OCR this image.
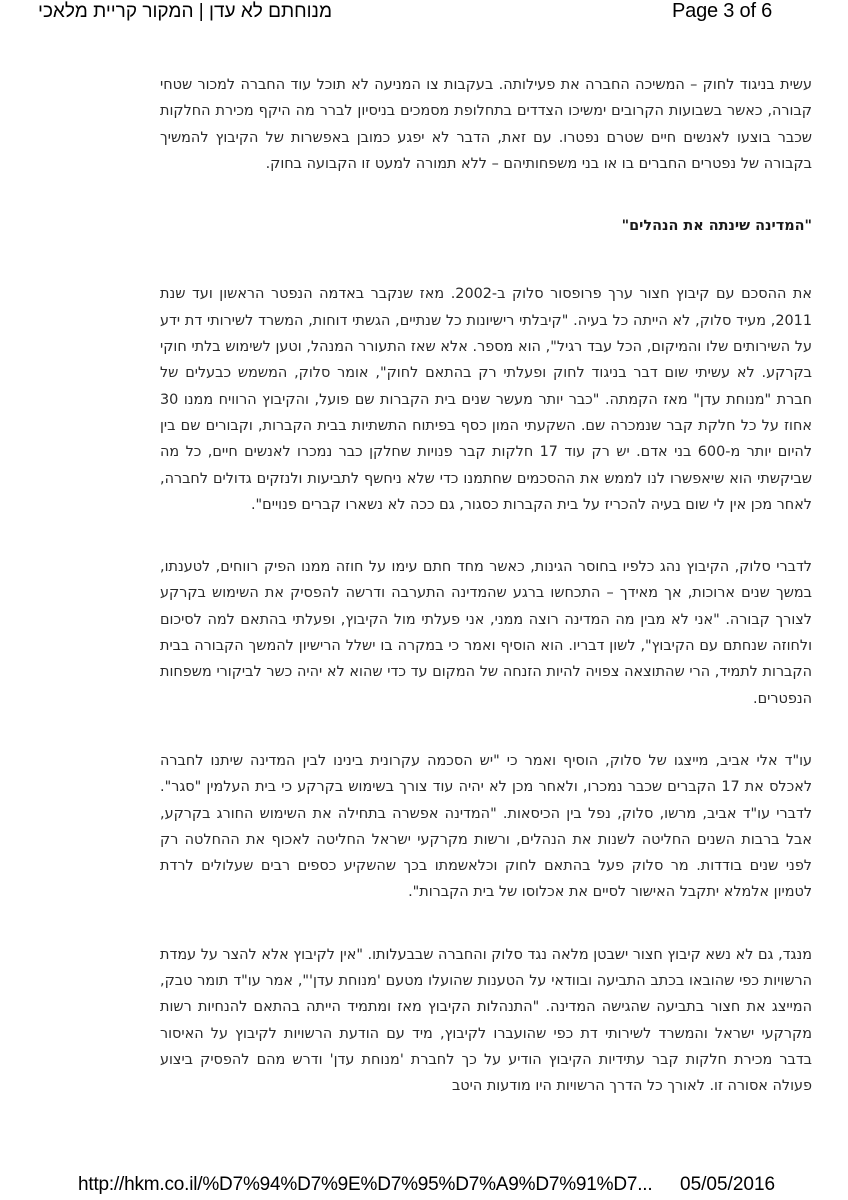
Page 3 of 6
מנוחתם לא עדן | המקור קריית מלאכי

עשית בניגוד לחוק – המשיכה החברה את פעילותה. בעקבות צו המניעה לא תוכל עוד החברה למכור שטחי קבורה, כאשר בשבועות הקרובים ימשיכו הצדדים בתחלופת מסמכים בניסיון לברר מה היקף מכירת החלקות שכבר בוצעו לאנשים חיים שטרם נפטרו. עם זאת, הדבר לא יפגע כמובן באפשרות של הקיבוץ להמשיך בקבורה של נפטרים החברים בו או בני משפחותיהם – ללא תמורה למעט זו הקבועה בחוק.

"המדינה שינתה את הנהלים"

את ההסכם עם קיבוץ חצור ערך פרופסור סלוק ב-2002. מאז שנקבר באדמה הנפטר הראשון ועד שנת 2011, מעיד סלוק, לא הייתה כל בעיה. "קיבלתי רישיונות כל שנתיים, הגשתי דוחות, המשרד לשירותי דת ידע על השירותים שלו והמיקום, הכל עבד רגיל", הוא מספר. אלא שאז התעורר המנהל, וטען לשימוש בלתי חוקי בקרקע. לא עשיתי שום דבר בניגוד לחוק ופעלתי רק בהתאם לחוק", אומר סלוק, המשמש כבעלים של חברת "מנוחת עדן" מאז הקמתה. "כבר יותר מעשר שנים בית הקברות שם פועל, והקיבוץ הרוויח ממנו 30 אחוז על כל חלקת קבר שנמכרה שם. השקעתי המון כסף בפיתוח התשתיות בבית הקברות, וקבורים שם בין להיום יותר מ-600 בני אדם. יש רק עוד 17 חלקות קבר פנויות שחלקן כבר נמכרו לאנשים חיים, כל מה שביקשתי הוא שיאפשרו לנו לממש את ההסכמים שחתמנו כדי שלא ניחשף לתביעות ולנזקים גדולים לחברה, לאחר מכן אין לי שום בעיה להכריז על בית הקברות כסגור, גם ככה לא נשארו קברים פנויים".

לדברי סלוק, הקיבוץ נהג כלפיו בחוסר הגינות, כאשר מחד חתם עימו על חוזה ממנו הפיק רווחים, לטענתו, במשך שנים ארוכות, אך מאידך – התכחשו ברגע שהמדינה התערבה ודרשה להפסיק את השימוש בקרקע לצורך קבורה. "אני לא מבין מה המדינה רוצה ממני, אני פעלתי מול הקיבוץ, ופעלתי בהתאם למה לסיכום ולחוזה שנחתם עם הקיבוץ", לשון דבריו. הוא הוסיף ואמר כי במקרה בו ישלל הרישיון להמשך הקבורה בבית הקברות לתמיד, הרי שהתוצאה צפויה להיות הזנחה של המקום עד כדי שהוא לא יהיה כשר לביקורי משפחות הנפטרים.

עו"ד אלי אביב, מייצגו של סלוק, הוסיף ואמר כי "יש הסכמה עקרונית בינינו לבין המדינה שיתנו לחברה לאכלס את 17 הקברים שכבר נמכרו, ולאחר מכן לא יהיה עוד צורך בשימוש בקרקע כי בית העלמין "סגר". לדברי עו"ד אביב, מרשו, סלוק, נפל בין הכיסאות. "המדינה אפשרה בתחילה את השימוש החורג בקרקע, אבל ברבות השנים החליטה לשנות את הנהלים, ורשות מקרקעי ישראל החליטה לאכוף את ההחלטה רק לפני שנים בודדות. מר סלוק פעל בהתאם לחוק וכלאשמתו בכך שהשקיע כספים רבים שעלולים לרדת לטמיון אלמלא יתקבל האישור לסיים את אכלוסו של בית הקברות".

מנגד, גם לא נשא קיבוץ חצור ישבטן מלאה נגד סלוק והחברה שבבעלותו. "אין לקיבוץ אלא להצר על עמדת הרשויות כפי שהובאו בכתב התביעה ובוודאי על הטענות שהועלו מטעם 'מנוחת עדן'", אמר עו"ד תומר טבק, המייצג את חצור בתביעה שהגישה המדינה. "התנהלות הקיבוץ מאז ומתמיד הייתה בהתאם להנחיות רשות מקרקעי ישראל והמשרד לשירותי דת כפי שהועברו לקיבוץ, מיד עם הודעת הרשויות לקיבוץ על האיסור בדבר מכירת חלקות קבר עתידיות הקיבוץ הודיע על כך לחברת 'מנוחת עדן' ודרש מהם להפסיק ביצוע פעולה אסורה זו. לאורך כל הדרך הרשויות היו מודעות היטב

http://hkm.co.il/%D7%94%D7%9E%D7%95%D7%A9%D7%91%D7... 05/05/2016
